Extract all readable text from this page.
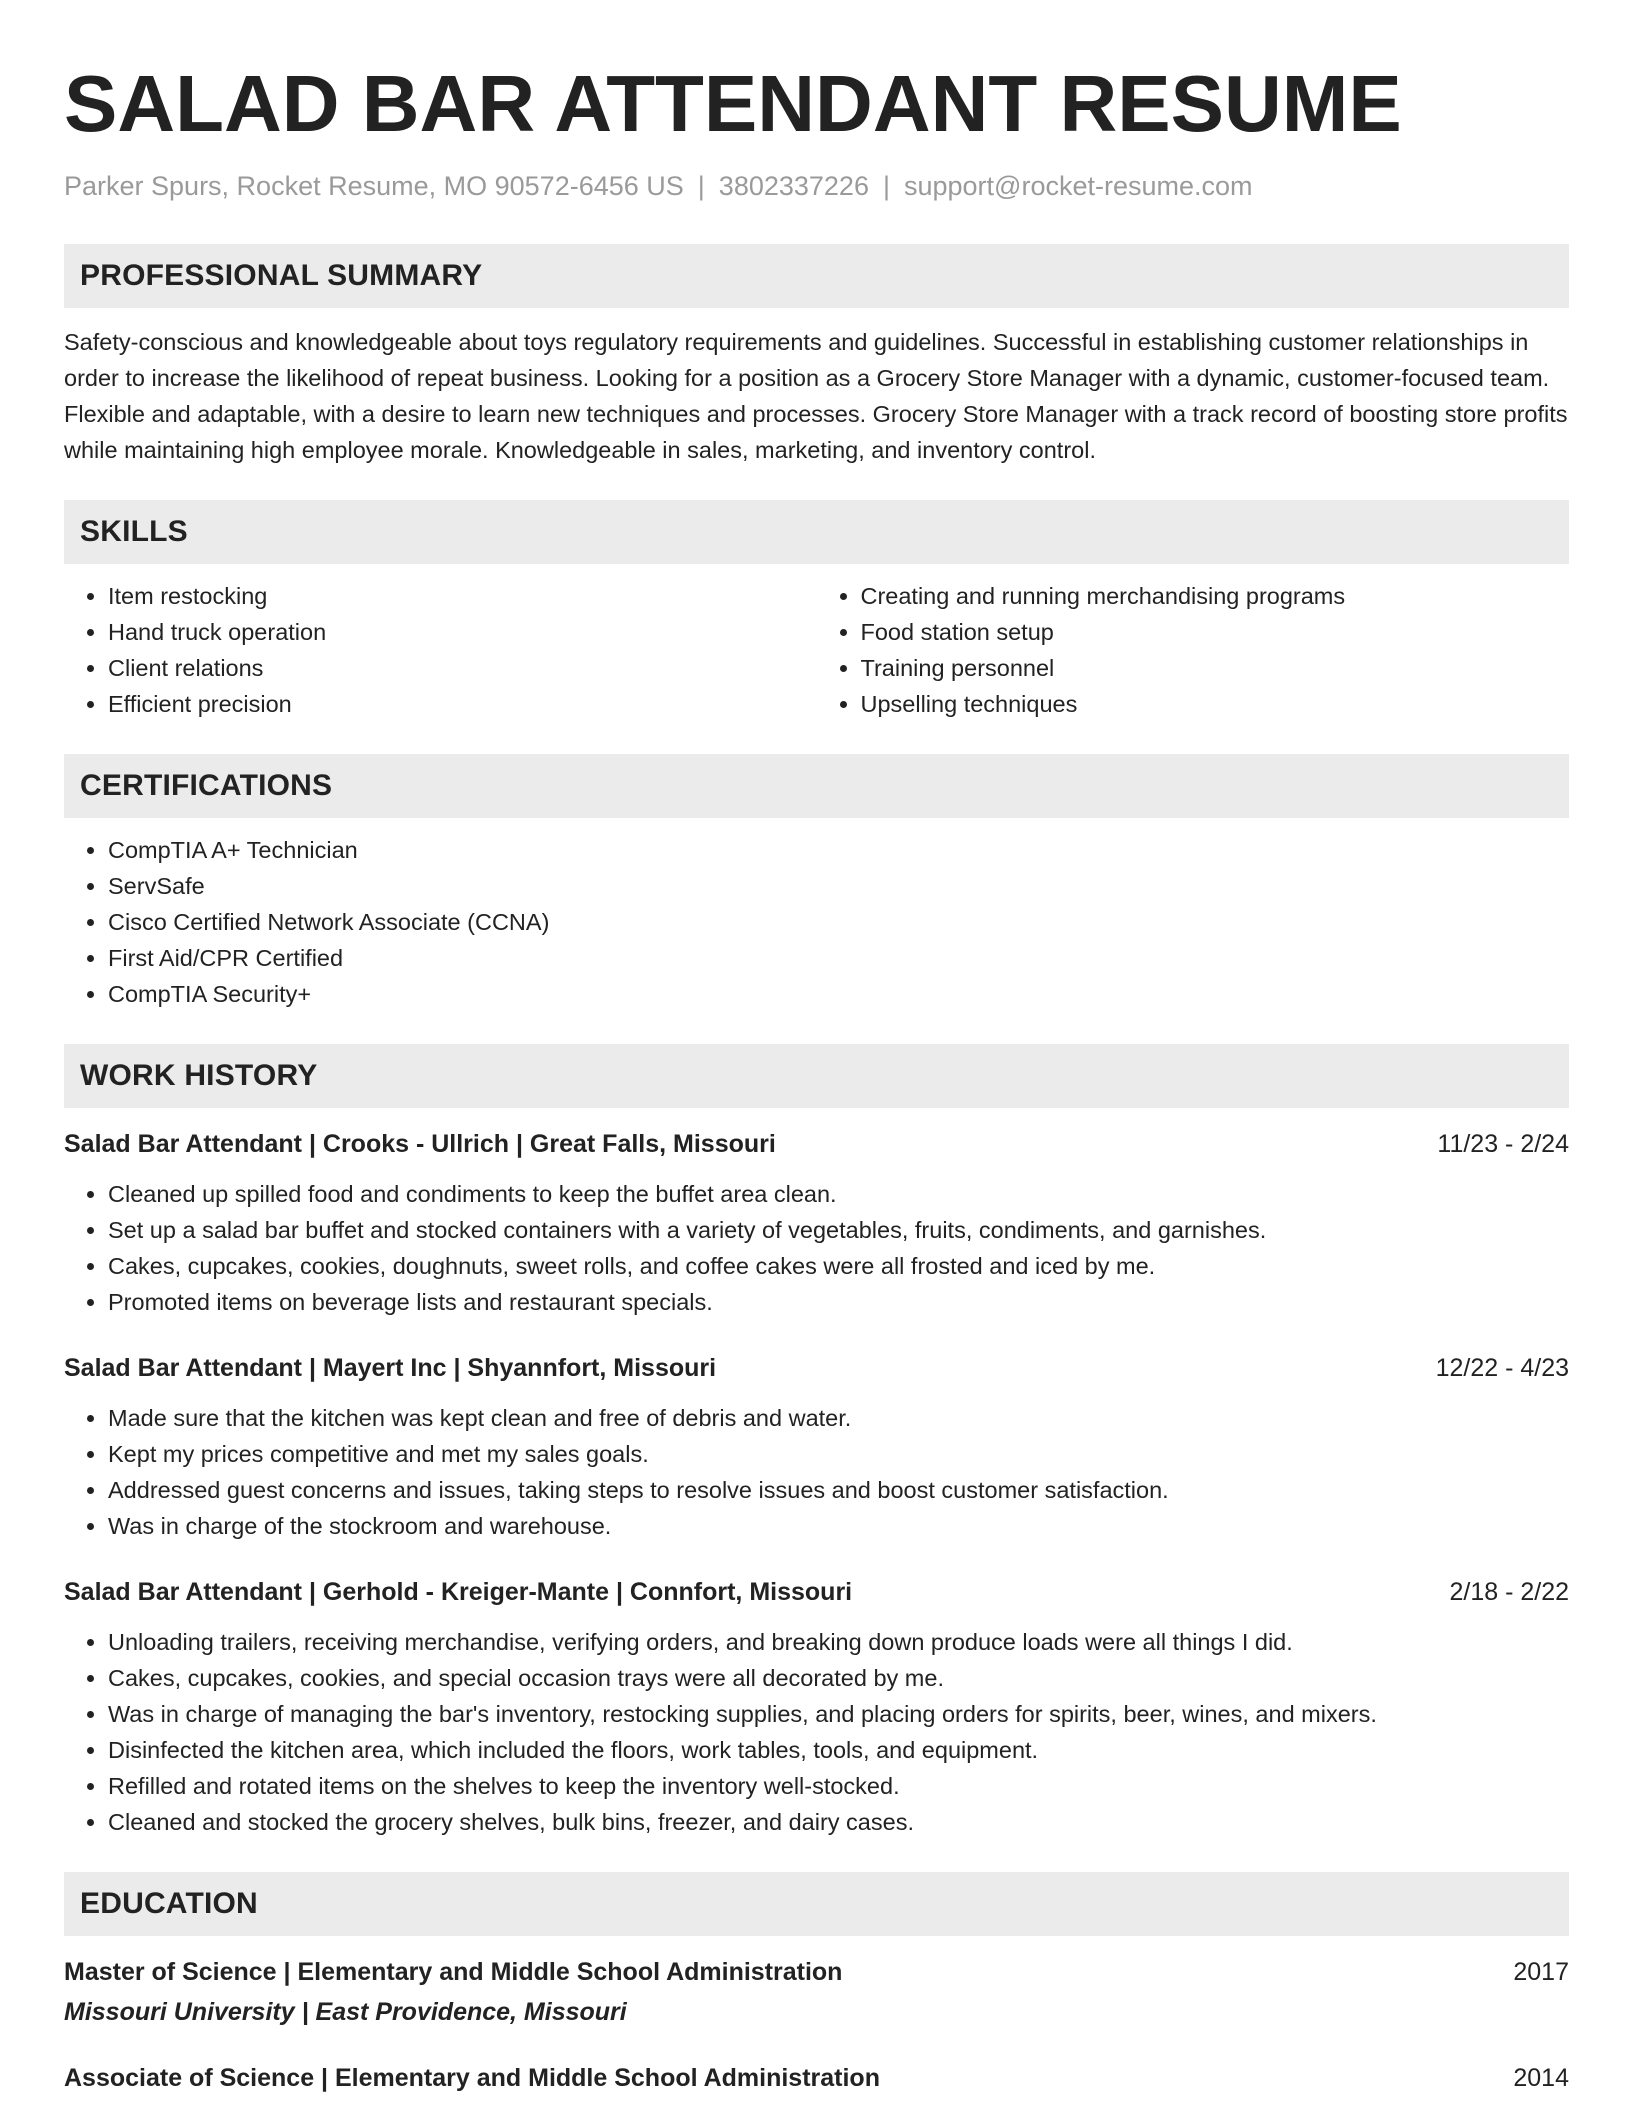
SALAD BAR ATTENDANT RESUME
Parker Spurs, Rocket Resume, MO 90572-6456 US | 3802337226 | support@rocket-resume.com
PROFESSIONAL SUMMARY

Safety-conscious and knowledgeable about toys regulatory requirements and guidelines. Successful in establishing customer relationships in order to increase the likelihood of repeat business. Looking for a position as a Grocery Store Manager with a dynamic, customer-focused team. Flexible and adaptable, with a desire to learn new techniques and processes. Grocery Store Manager with a track record of boosting store profits while maintaining high employee morale. Knowledgeable in sales, marketing, and inventory control.

SKILLS
• Item restocking
• Hand truck operation
• Client relations
• Efficient precision
• Creating and running merchandising programs
• Food station setup
• Training personnel
• Upselling techniques
CERTIFICATIONS
• CompTIA A+ Technician
• ServSafe
• Cisco Certified Network Associate (CCNA)
• First Aid/CPR Certified
• CompTIA Security+
WORK HISTORY
Salad Bar Attendant | Crooks - Ullrich | Great Falls, Missouri	11/23 - 2/24
• Cleaned up spilled food and condiments to keep the buffet area clean.
• Set up a salad bar buffet and stocked containers with a variety of vegetables, fruits, condiments, and garnishes.
• Cakes, cupcakes, cookies, doughnuts, sweet rolls, and coffee cakes were all frosted and iced by me.
• Promoted items on beverage lists and restaurant specials.
Salad Bar Attendant | Mayert Inc | Shyannfort, Missouri	12/22 - 4/23
• Made sure that the kitchen was kept clean and free of debris and water.
• Kept my prices competitive and met my sales goals.
• Addressed guest concerns and issues, taking steps to resolve issues and boost customer satisfaction.
• Was in charge of the stockroom and warehouse.
Salad Bar Attendant | Gerhold - Kreiger-Mante | Connfort, Missouri	2/18 - 2/22
• Unloading trailers, receiving merchandise, verifying orders, and breaking down produce loads were all things I did.
• Cakes, cupcakes, cookies, and special occasion trays were all decorated by me.
• Was in charge of managing the bar's inventory, restocking supplies, and placing orders for spirits, beer, wines, and mixers.
• Disinfected the kitchen area, which included the floors, work tables, tools, and equipment.
• Refilled and rotated items on the shelves to keep the inventory well-stocked.
• Cleaned and stocked the grocery shelves, bulk bins, freezer, and dairy cases.
EDUCATION
Master of Science | Elementary and Middle School Administration	2017
Missouri University | East Providence, Missouri
Associate of Science | Elementary and Middle School Administration	2014
